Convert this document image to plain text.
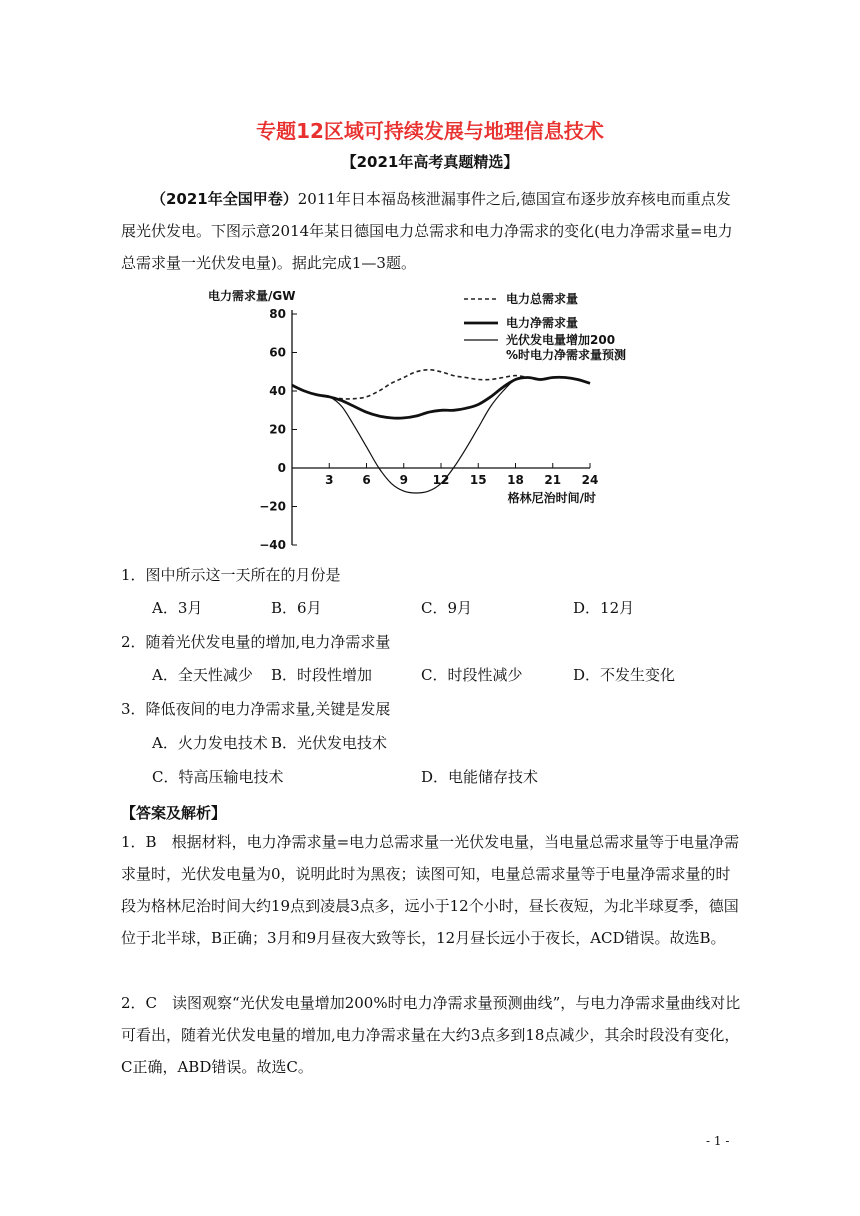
专题12区域可持续发展与地理信息技术
【2021年高考真题精选】
（2021年全国甲卷）2011年日本福岛核泄漏事件之后,德国宣布逐步放弃核电而重点发展光伏发电。下图示意2014年某日德国电力总需求和电力净需求的变化(电力净需求量=电力总需求量一光伏发电量)。据此完成1—3题。
电力需求量/GW
80
60
40
20
0
−20
−40
3 6 9 12 15 18 21 24
格林尼治时间/时
电力总需求量
电力净需求量
光伏发电量增加200
%时电力净需求量预测
1．图中所示这一天所在的月份是
A．3月	B．6月	C．9月	D．12月
2．随着光伏发电量的增加,电力净需求量
A．全天性减少 B．时段性增加	C．时段性减少	D．不发生变化
3．降低夜间的电力净需求量,关键是发展
A．火力发电技术 B．光伏发电技术
C．特高压输电技术	D．电能储存技术
【答案及解析】
1．B　根据材料，电力净需求量=电力总需求量一光伏发电量，当电量总需求量等于电量净需求量时，光伏发电量为0，说明此时为黑夜；读图可知，电量总需求量等于电量净需求量的时段为格林尼治时间大约19点到凌晨3点多，远小于12个小时，昼长夜短，为北半球夏季，德国位于北半球，B正确；3月和9月昼夜大致等长，12月昼长远小于夜长，ACD错误。故选B。
2．C　读图观察“光伏发电量增加200%时电力净需求量预测曲线”，与电力净需求量曲线对比可看出，随着光伏发电量的增加,电力净需求量在大约3点多到18点减少，其余时段没有变化，C正确，ABD错误。故选C。
- 1 -
